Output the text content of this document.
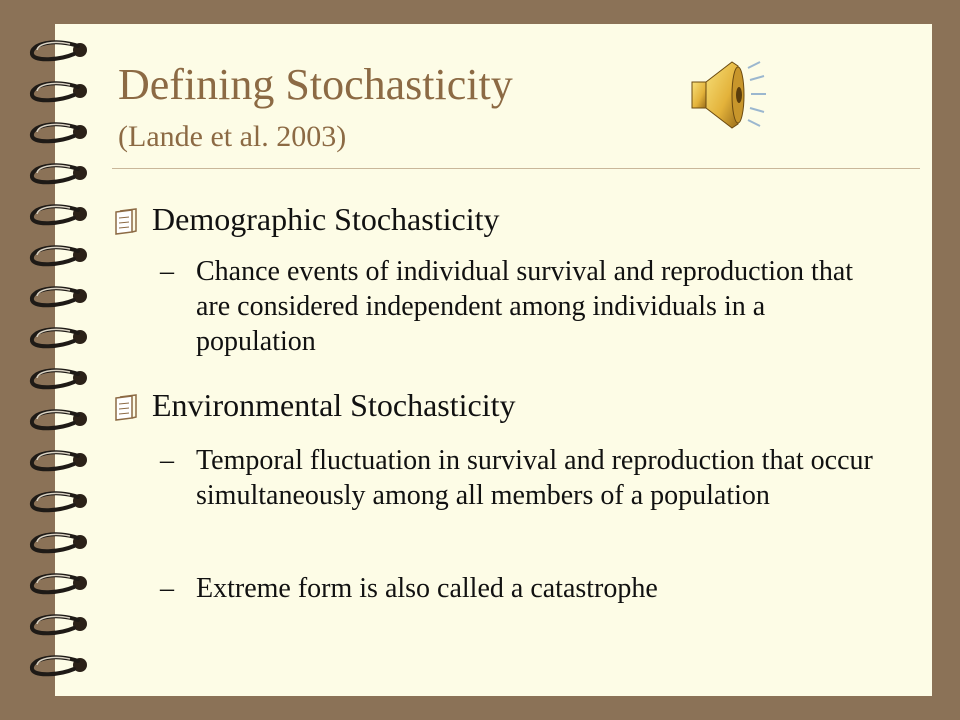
Defining Stochasticity
(Lande et al. 2003)
Demographic Stochasticity
– Chance events of individual survival and reproduction that are considered independent among individuals in a population
Environmental Stochasticity
– Temporal fluctuation in survival and reproduction that occur simultaneously among all members of a population
– Extreme form is also called a catastrophe
